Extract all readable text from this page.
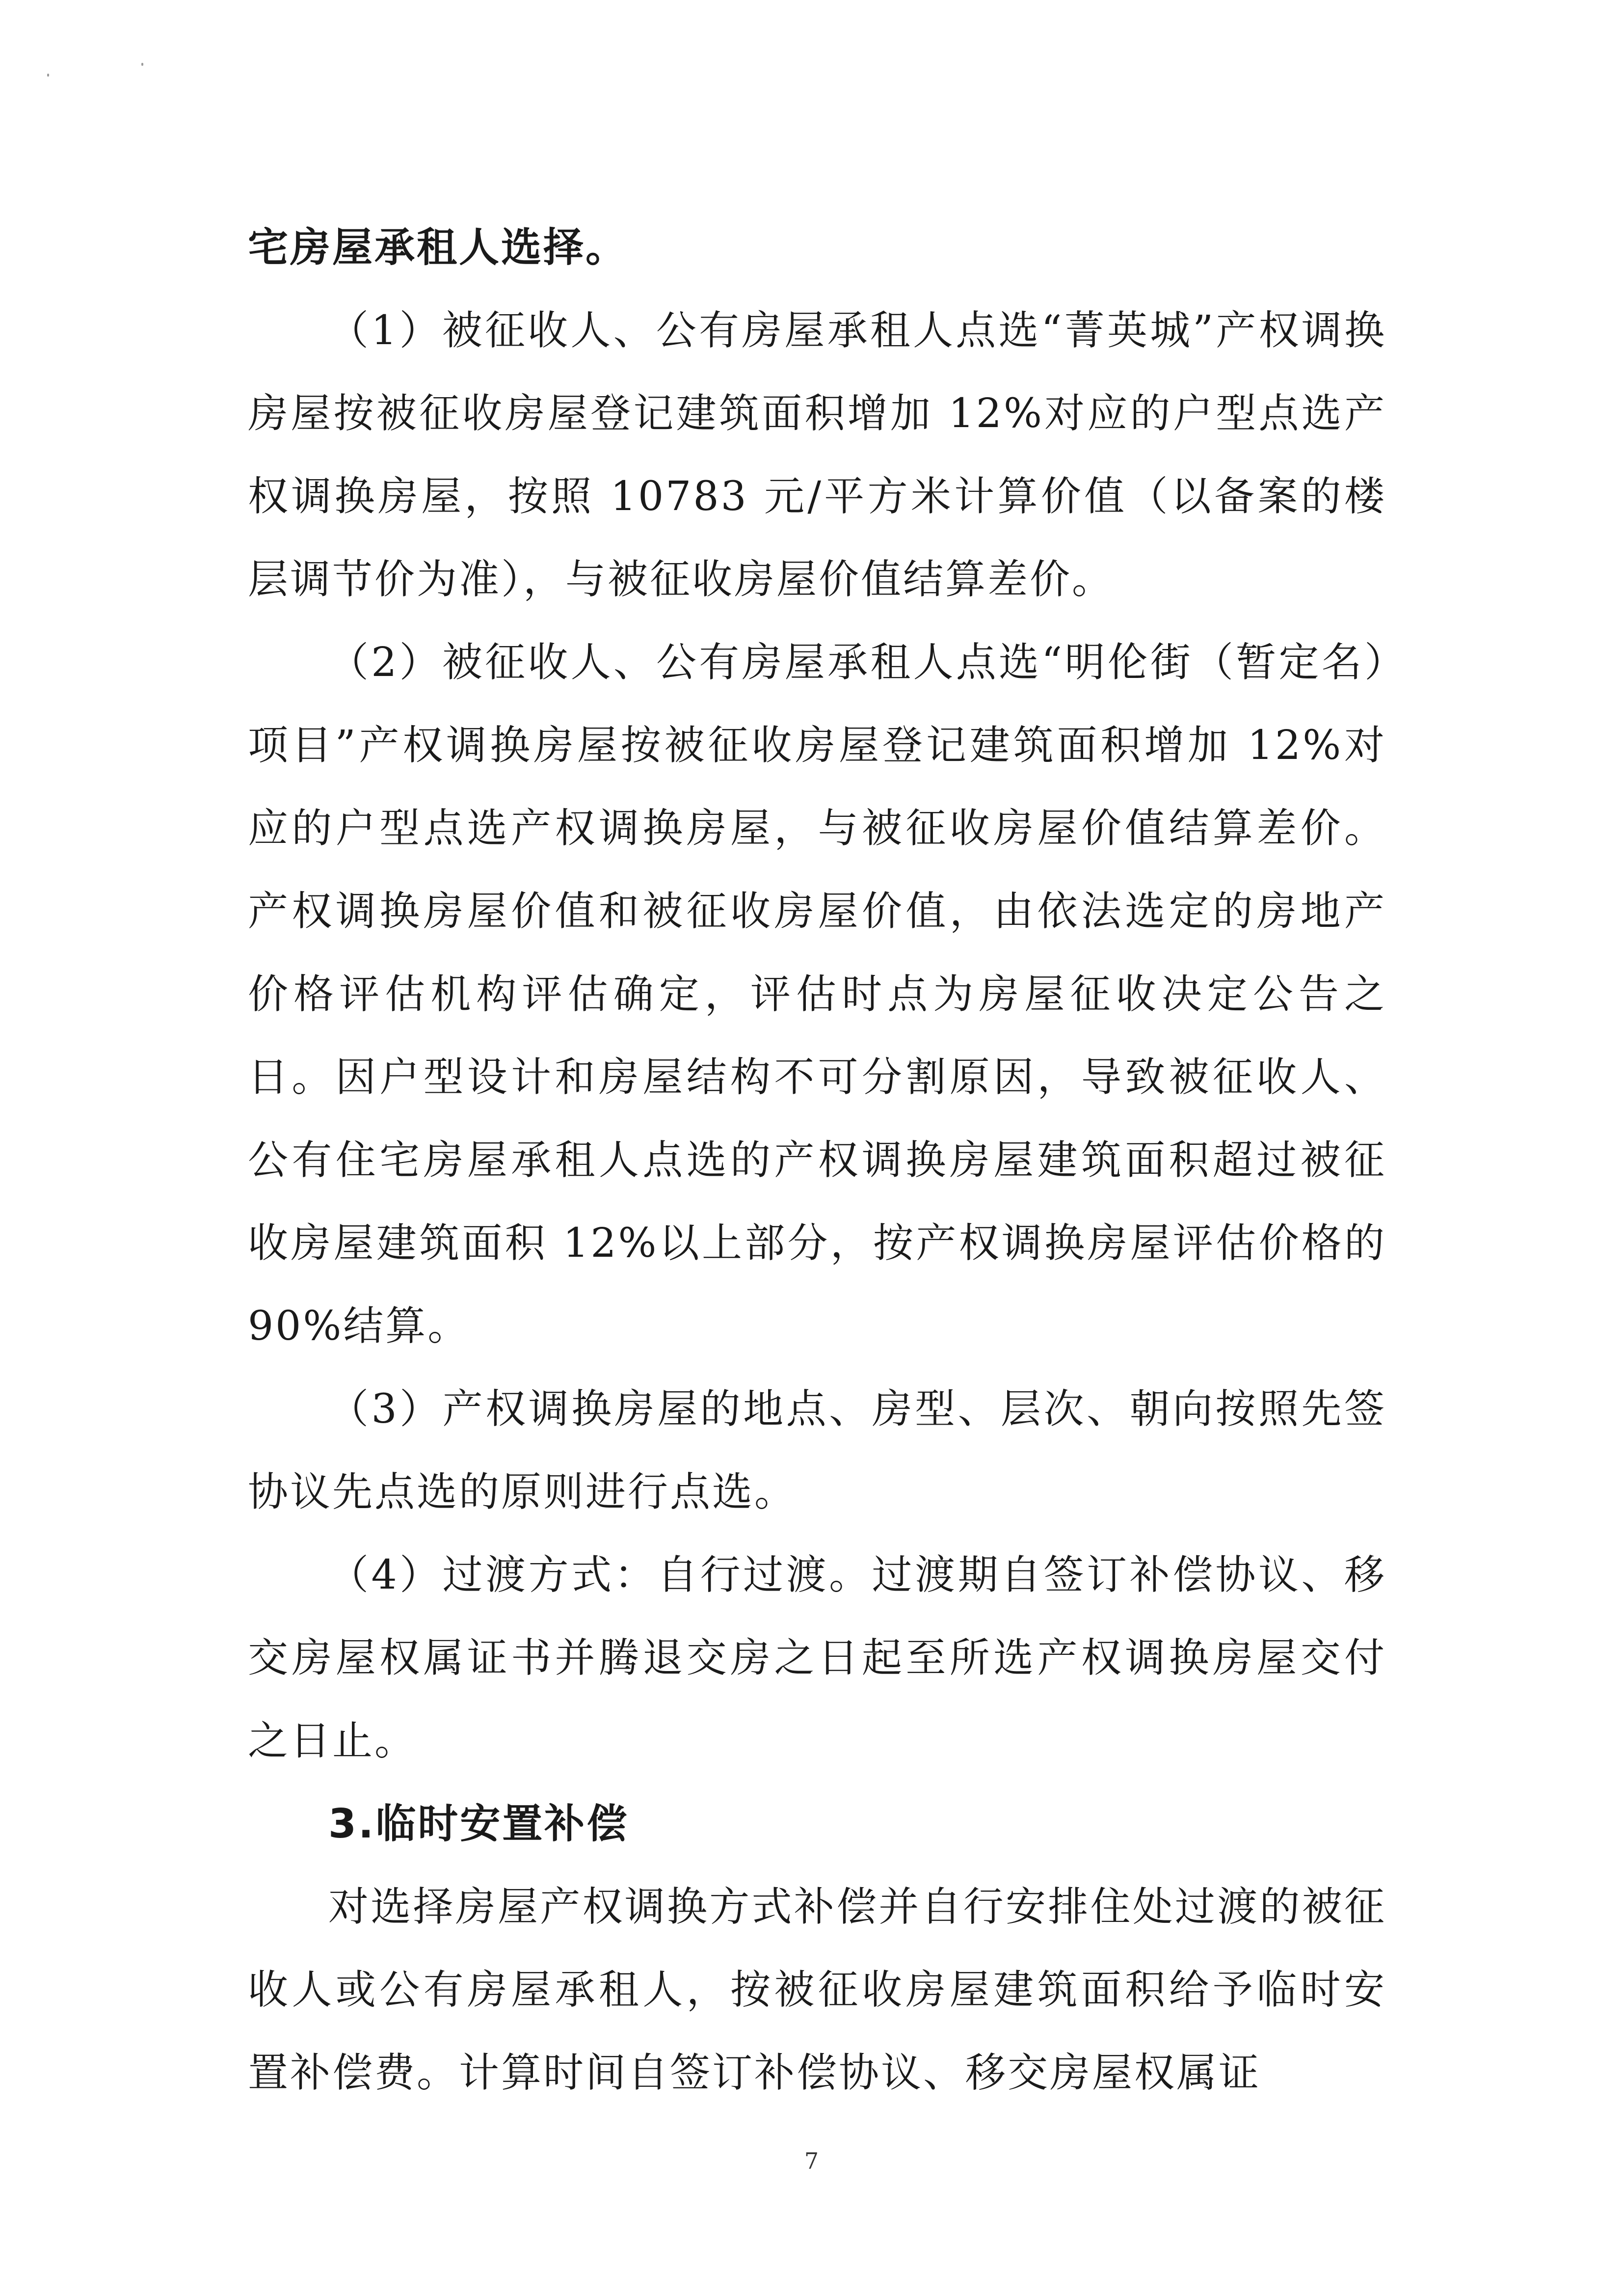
宅房屋承租人选择。

（1）被征收人、公有房屋承租人点选“菁英城”产权调换房屋按被征收房屋登记建筑面积增加 12%对应的户型点选产权调换房屋，按照 10783 元/平方米计算价值（以备案的楼层调节价为准），与被征收房屋价值结算差价。

（2）被征收人、公有房屋承租人点选“明伦街（暂定名）项目”产权调换房屋按被征收房屋登记建筑面积增加 12%对应的户型点选产权调换房屋，与被征收房屋价值结算差价。产权调换房屋价值和被征收房屋价值，由依法选定的房地产价格评估机构评估确定，评估时点为房屋征收决定公告之日。因户型设计和房屋结构不可分割原因，导致被征收人、公有住宅房屋承租人点选的产权调换房屋建筑面积超过被征收房屋建筑面积 12%以上部分，按产权调换房屋评估价格的 90%结算。

（3）产权调换房屋的地点、房型、层次、朝向按照先签协议先点选的原则进行点选。

（4）过渡方式：自行过渡。过渡期自签订补偿协议、移交房屋权属证书并腾退交房之日起至所选产权调换房屋交付之日止。

3.临时安置补偿

对选择房屋产权调换方式补偿并自行安排住处过渡的被征收人或公有房屋承租人，按被征收房屋建筑面积给予临时安置补偿费。计算时间自签订补偿协议、移交房屋权属证

7
